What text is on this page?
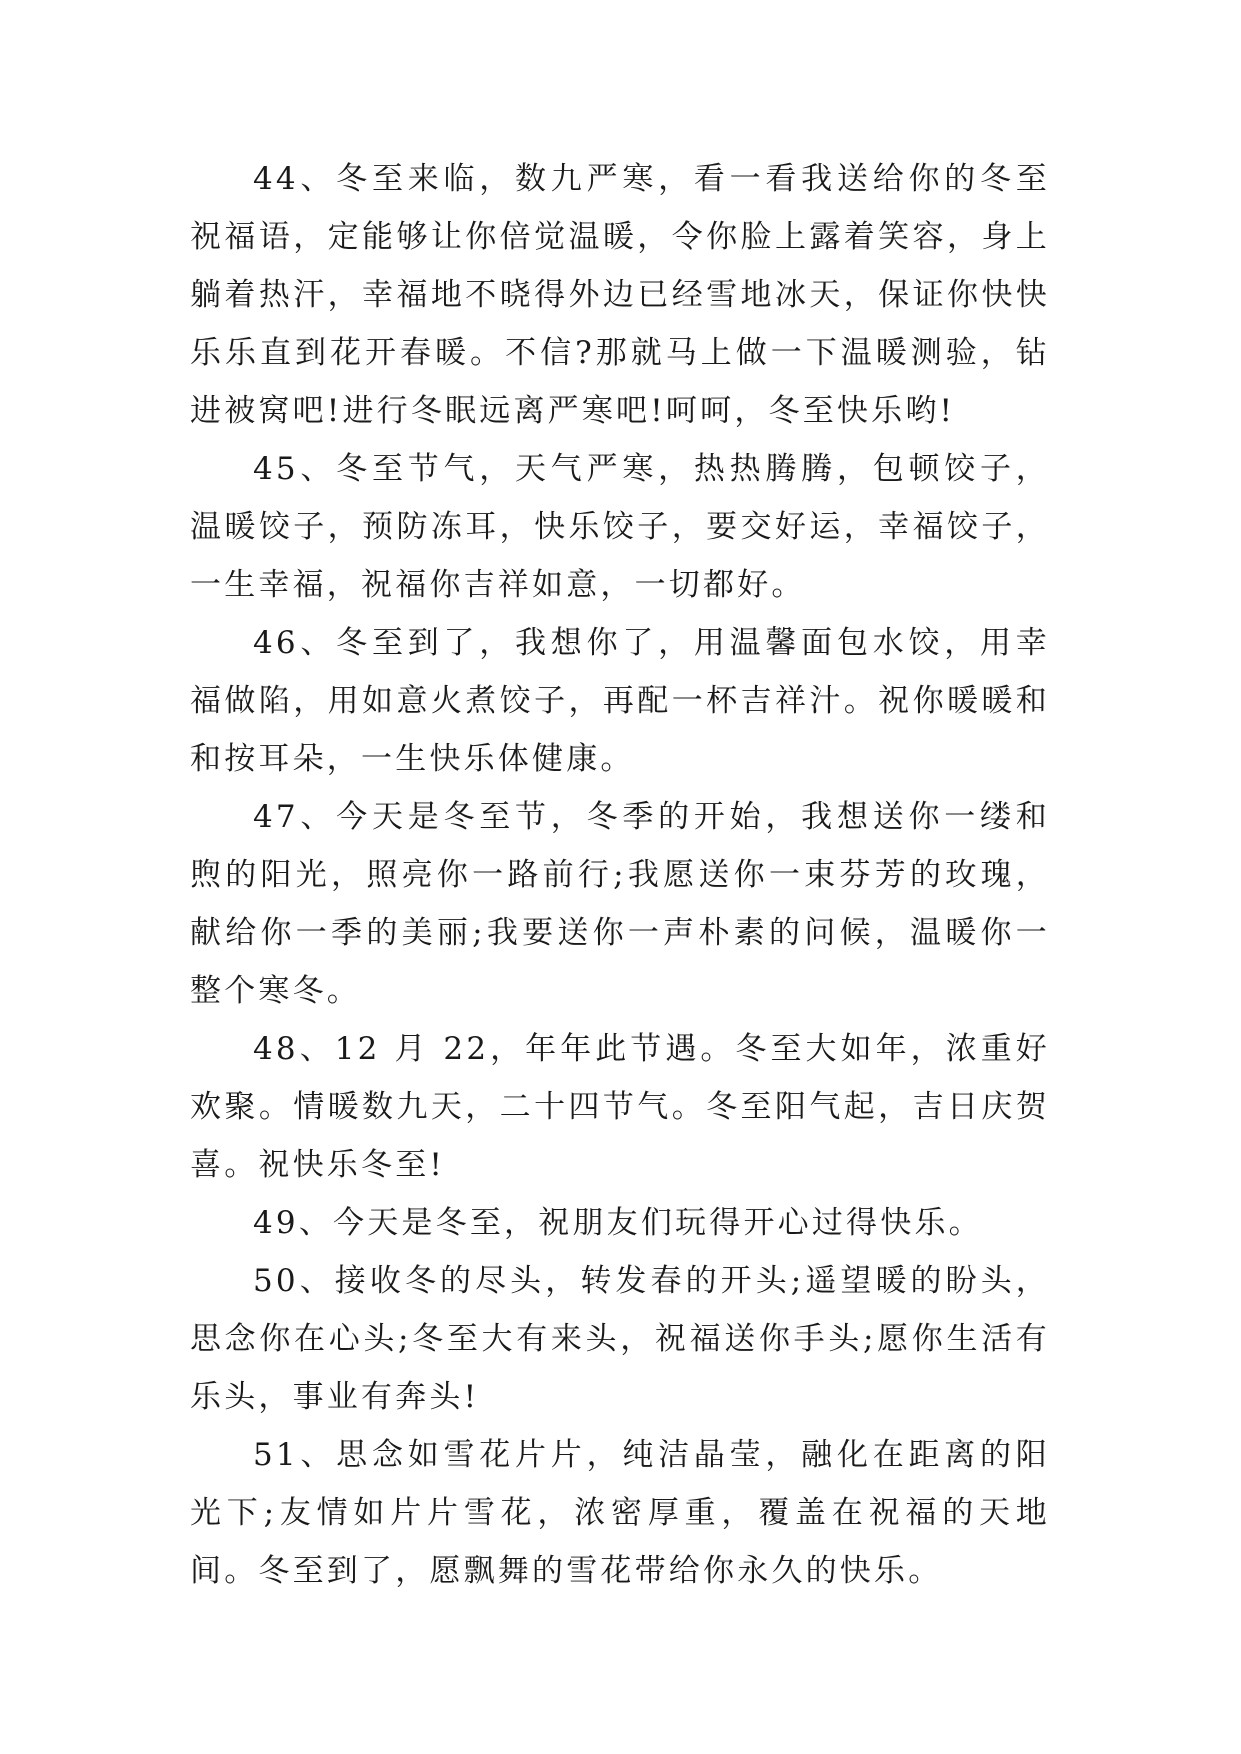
44、冬至来临，数九严寒，看一看我送给你的冬至祝福语，定能够让你倍觉温暖，令你脸上露着笑容，身上躺着热汗，幸福地不晓得外边已经雪地冰天，保证你快快乐乐直到花开春暖。不信?那就马上做一下温暖测验，钻进被窝吧!进行冬眠远离严寒吧!呵呵，冬至快乐哟!

45、冬至节气，天气严寒，热热腾腾，包顿饺子，温暖饺子，预防冻耳，快乐饺子，要交好运，幸福饺子，一生幸福，祝福你吉祥如意，一切都好。

46、冬至到了，我想你了，用温馨面包水饺，用幸福做陷，用如意火煮饺子，再配一杯吉祥汁。祝你暖暖和和按耳朵，一生快乐体健康。

47、今天是冬至节，冬季的开始，我想送你一缕和煦的阳光，照亮你一路前行;我愿送你一束芬芳的玫瑰，献给你一季的美丽;我要送你一声朴素的问候，温暖你一整个寒冬。

48、12 月 22，年年此节遇。冬至大如年，浓重好欢聚。情暖数九天，二十四节气。冬至阳气起，吉日庆贺喜。祝快乐冬至!

49、今天是冬至，祝朋友们玩得开心过得快乐。

50、接收冬的尽头，转发春的开头;遥望暖的盼头，思念你在心头;冬至大有来头，祝福送你手头;愿你生活有乐头，事业有奔头!

51、思念如雪花片片，纯洁晶莹，融化在距离的阳光下;友情如片片雪花，浓密厚重，覆盖在祝福的天地间。冬至到了，愿飘舞的雪花带给你永久的快乐。
